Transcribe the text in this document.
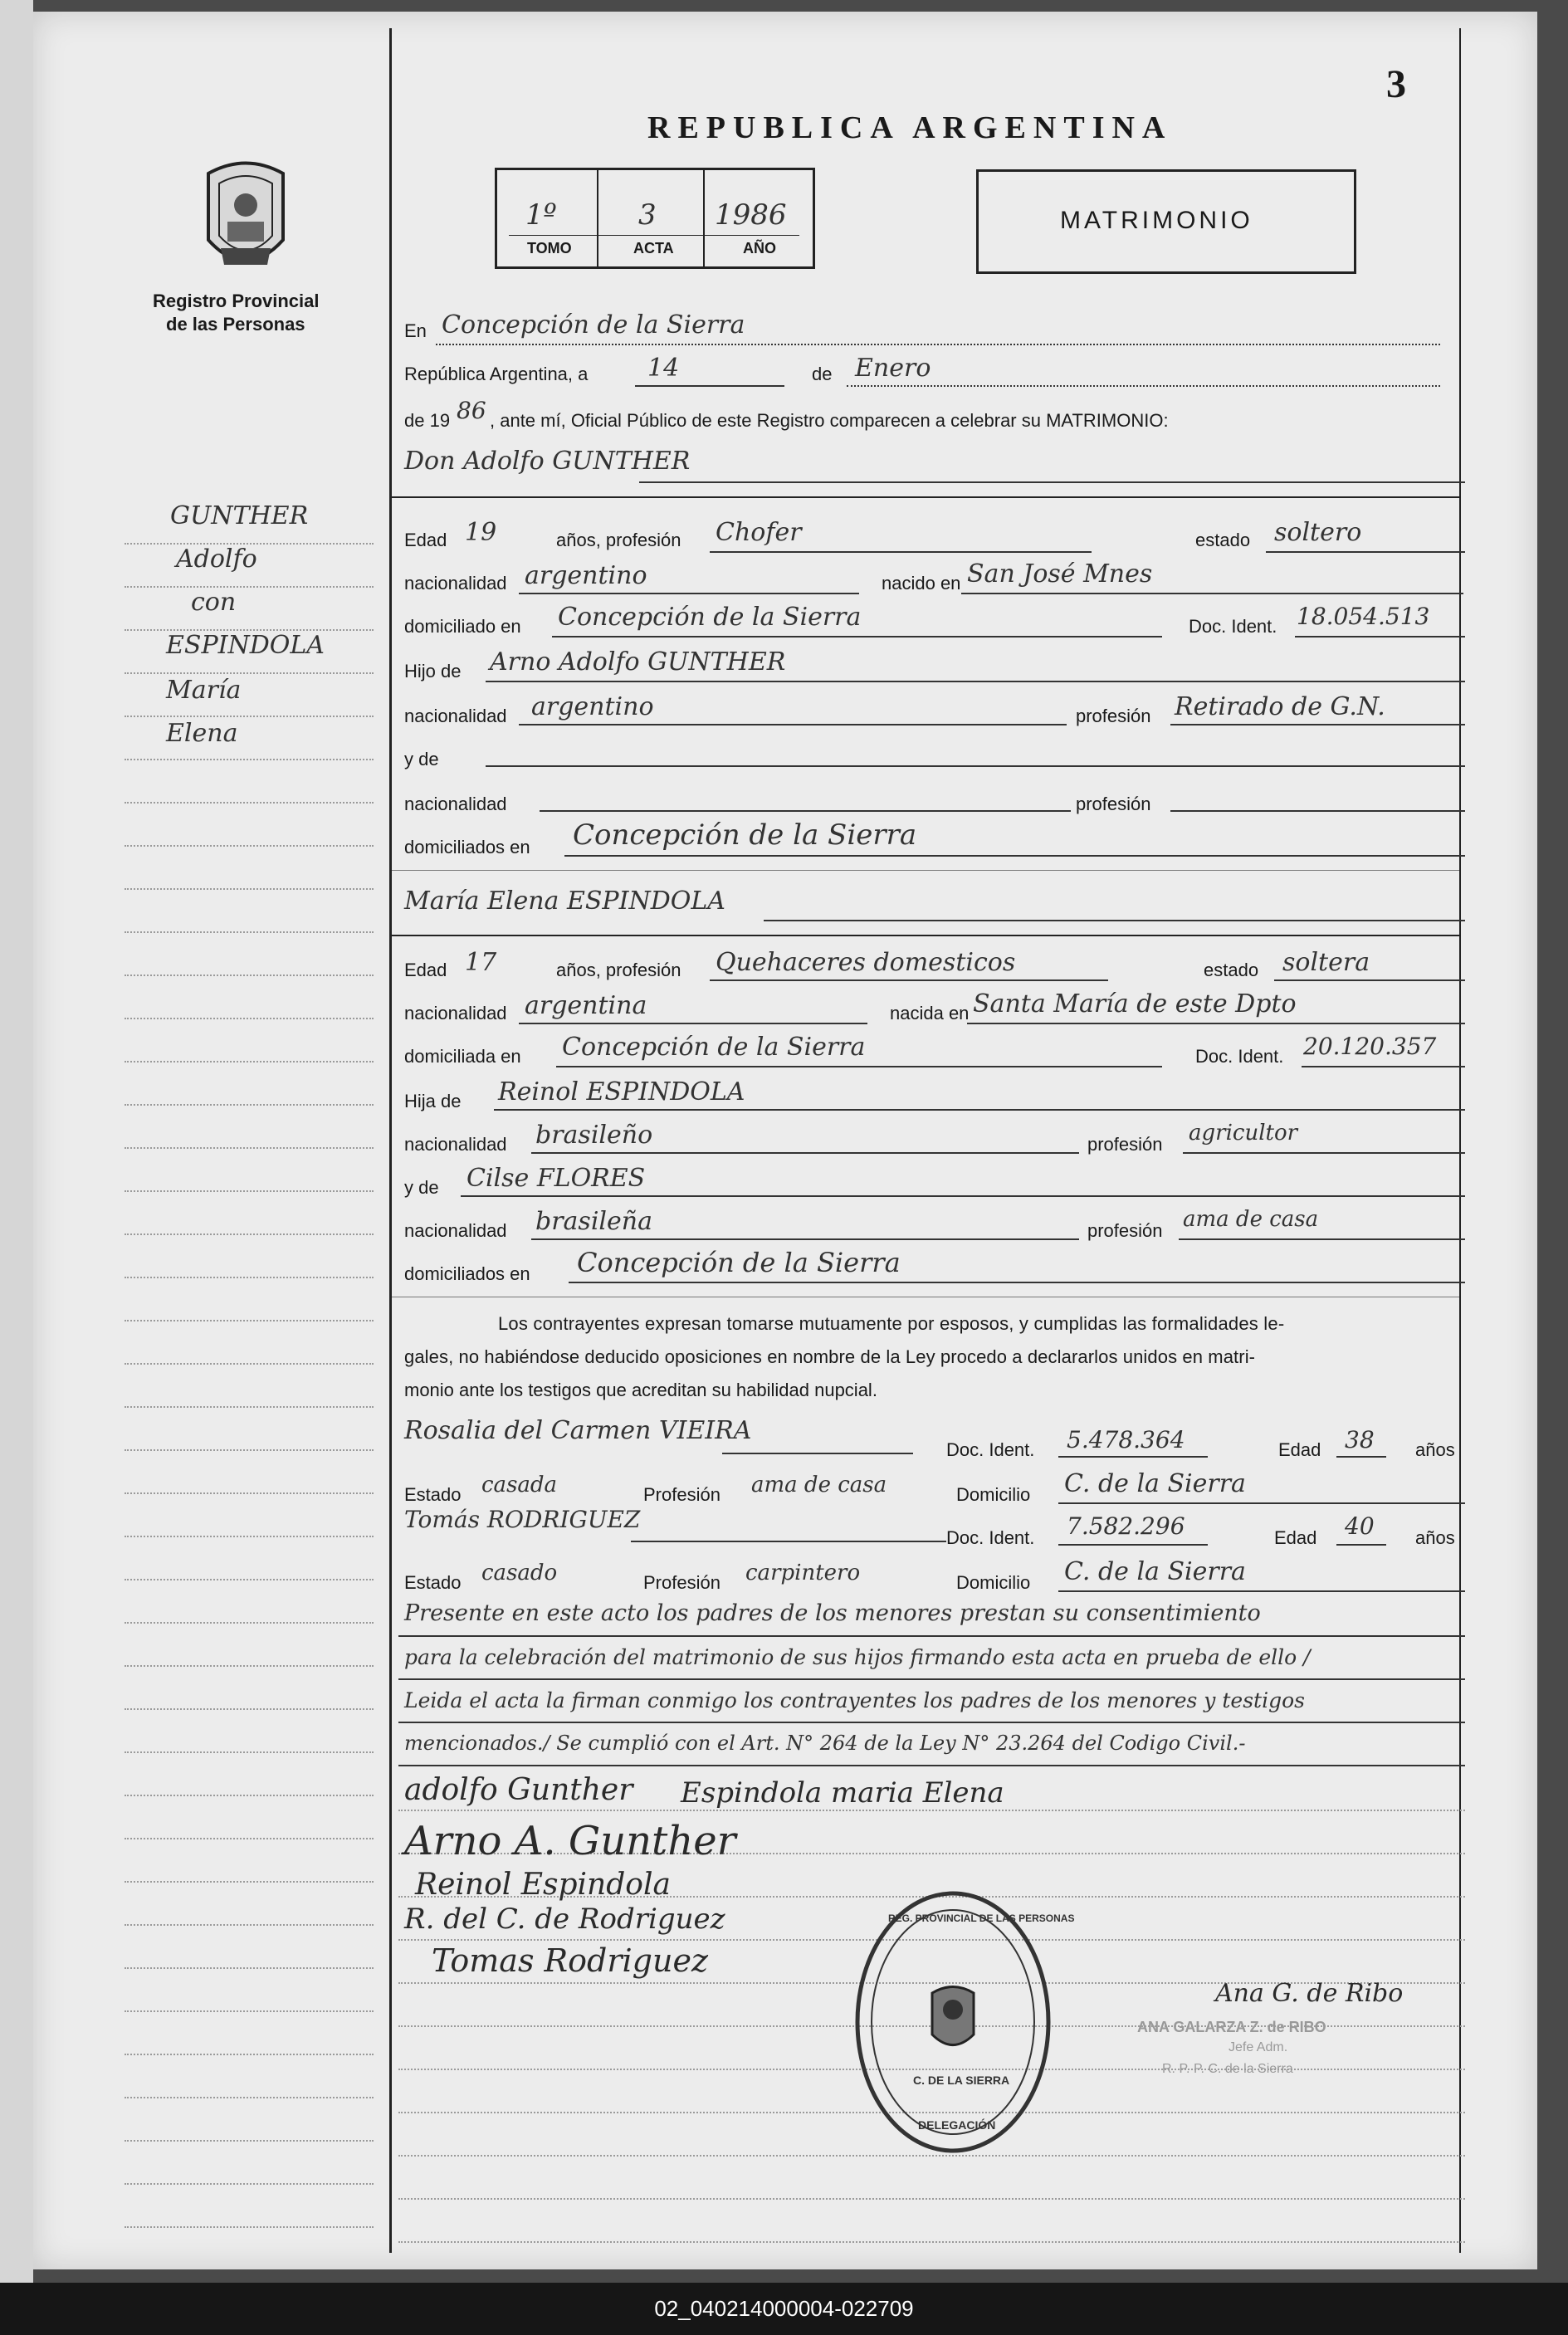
3
REPUBLICA ARGENTINA
Registro Provincial
de las Personas
1º	3 1986
TOMO	ACTA	AÑO
MATRIMONIO
GUNTHER
Adolfo
con
ESPINDOLA
María
Elena
En Concepción de la Sierra
República Argentina, a 14	de Enero
de 19 86 , ante mí, Oficial Público de este Registro comparecen a celebrar su MATRIMONIO:
Don Adolfo GUNTHER
Edad 19	años, profesión Chofer	estado soltero
nacionalidad argentino	nacido en San José Mnes
domiciliado en Concepción de la Sierra	Doc. Ident. 18.054.513
Hijo de Arno Adolfo GUNTHER
nacionalidad argentino	profesión Retirado de G.N.
y de
nacionalidad	profesión
domiciliados en Concepción de la Sierra
María Elena ESPINDOLA
Edad 17	años, profesión Quehaceres domesticos	estado soltera
nacionalidad argentina	nacida en Santa María de este Dpto
domiciliada en Concepción de la Sierra	Doc. Ident. 20.120.357
Hija de Reinol ESPINDOLA
nacionalidad brasileño	profesión agricultor
y de Cilse FLORES
nacionalidad brasileña	profesión ama de casa
domiciliados en Concepción de la Sierra
Los contrayentes expresan tomarse mutuamente por esposos, y cumplidas las formalidades le-
gales, no habiéndose deducido oposiciones en nombre de la Ley procedo a declararlos unidos en matri-
monio ante los testigos que acreditan su habilidad nupcial.
Rosalia del Carmen VIEIRA
Doc. Ident. 5.478.364	Edad 38 años
Estado casada	Profesión ama de casa	Domicilio C. de la Sierra
Tomás RODRIGUEZ
Doc. Ident. 7.582.296	Edad 40 años
Estado casado	Profesión carpintero	Domicilio C. de la Sierra
Presente en este acto los padres de los menores prestan su consentimiento
para la celebración del matrimonio de sus hijos firmando esta acta en prueba de ello /
Leida el acta la firman conmigo los contrayentes los padres de los menores y testigos
mencionados./ Se cumplió con el Art. N° 264 de la Ley N° 23.264 del Codigo Civil.-
adolfo Gunther Espindola maria Elena
Arno A. Gunther
Reinol Espindola
R. del C. de Rodriguez
Tomas Rodriguez
Ana G. de Ribo
ANA GALARZA Z. de RIBO
Jefe Adm.
R. P. P. C. de la Sierra
REG. PROVINCIAL DE LAS PERSONAS
C. DE LA SIERRA
DELEGACIÓN
02_040214000004-022709
